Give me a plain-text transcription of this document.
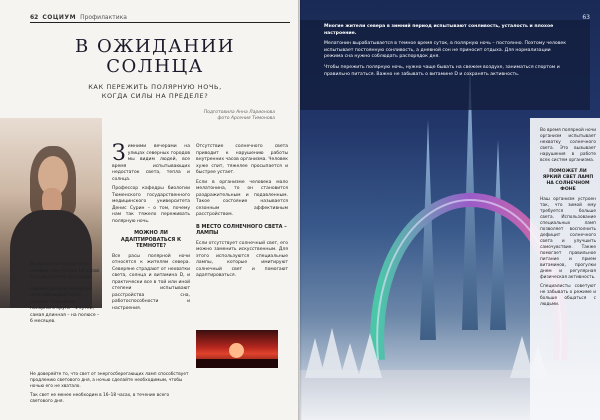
62 СОЦИУМ Профилактика
В ОЖИДАНИИ
СОЛНЦА
КАК ПЕРЕЖИТЬ ПОЛЯРНУЮ НОЧЬ,
КОГДА СИЛЫ НА ПРЕДЕЛЕ?
Подготовила Анна Ларионова
фото Арсения Тимонова

Во время полярной ночи человек спит более 14 часов и не выспается все равно.

Самая короткая полярная ночь наблюдается на широте Северного полярного круга – 1 сутки, самая длинная – на полюсе – 6 месяцев.

Зимними вечерами на улицах северных городов мы видим людей, все время испытывающих недостаток света, тепла и солнца.

Профессор кафедры биологии Тюменского государственного медицинского университета Денис Сурин – о том, почему нам так тяжело переживать полярную ночь.

МОЖНО ЛИ АДАПТИРОВАТЬСЯ К ТЕМНОТЕ?

Все расы полярной ночи относятся к жителям севера. Северяне страдают от нехватки света, солнца и витамина D, и практически все в той или иной степени испытывают расстройства сна, работоспособности и настроения.

Отсутствие солнечного света приводит к нарушению работы внутренних часов организма. Человек хуже спит, тяжелее просыпается и быстрее устает.

Если в организме человека мало мелатонина, то он становится раздражительным и подавленным. Такое состояние называется сезонным аффективным расстройством.

В МЕСТО СОЛНЕЧНОГО СВЕТА – ЛАМПЫ

Если отсутствует солнечный свет, его можно заменить искусственным. Для этого используются специальные лампы, которые имитируют солнечный свет и помогают адаптироваться.

Не доверяйте то, что свет от энергосберегающих ламп способствует продлению светового дня, а ночью сделайте необходимым, чтобы ночью его не хватало.

Так свет не менее необходим в 16–18 часах, в течение всего светового дня.

63

Многие жители севера в зимний период испытывают сонливость, усталость и плохое настроение.

Мелатонин вырабатывается в темное время суток, в полярную ночь – постоянно. Поэтому человек испытывает постоянную сонливость, а дневной сон не приносит отдыха. Для нормализации режима сна нужно соблюдать распорядок дня.

Чтобы пережить полярную ночь, нужно чаще бывать на свежем воздухе, заниматься спортом и правильно питаться. Важно не забывать о витамине D и сохранять активность.

Во время полярной ночи организм испытывает нехватку солнечного света. Это вызывает нарушения в работе всех систем организма.

ПОМОЖЕТ ЛИ ЯРКИЙ СВЕТ ЛАМП НА СОЛНЕЧНОМ ФОНЕ

Наш организм устроен так, что зимой ему требуется больше света. Использование специальных ламп позволяет восполнить дефицит солнечного света и улучшить самочувствие. Также помогает правильное питание и прием витаминов, прогулки днем и регулярная физическая активность.

Специалисты советуют не забывать о режиме и больше общаться с людьми.
